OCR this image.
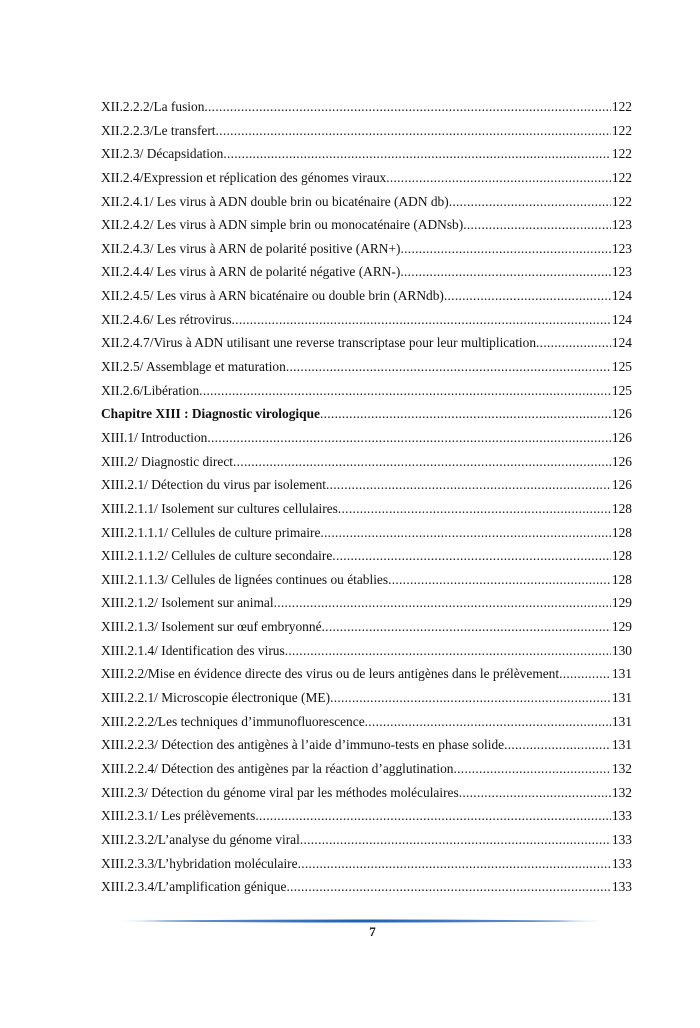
XII.2.2.2/La fusion .....	122
XII.2.2.3/Le transfert .....	122
XII.2.3/ Décapsidation .....	122
XII.2.4/Expression et réplication des génomes viraux .....	122
XII.2.4.1/ Les virus à ADN double brin ou bicaténaire (ADN db) .....	122
XII.2.4.2/ Les virus à ADN simple brin ou monocaténaire (ADNsb) .....	123
XII.2.4.3/ Les virus à ARN de polarité positive (ARN+) .....	123
XII.2.4.4/ Les virus à ARN de polarité négative (ARN-) .....	123
XII.2.4.5/ Les virus à ARN bicaténaire ou double brin (ARNdb) .....	124
XII.2.4.6/ Les rétrovirus .....	124
XII.2.4.7/Virus à ADN utilisant une reverse transcriptase pour leur multiplication .....	124
XII.2.5/ Assemblage et maturation .....	125
XII.2.6/Libération .....	125
Chapitre XIII : Diagnostic virologique .....	126
XIII.1/ Introduction .....	126
XIII.2/ Diagnostic direct .....	126
XIII.2.1/ Détection du virus par isolement .....	126
XIII.2.1.1/ Isolement sur cultures cellulaires .....	128
XIII.2.1.1.1/ Cellules de culture primaire .....	128
XIII.2.1.1.2/ Cellules de culture secondaire .....	128
XIII.2.1.1.3/ Cellules de lignées continues ou établies .....	128
XIII.2.1.2/ Isolement sur animal .....	129
XIII.2.1.3/ Isolement sur œuf embryonné .....	129
XIII.2.1.4/ Identification des virus .....	130
XIII.2.2/Mise en évidence directe des virus ou de leurs antigènes dans le prélèvement .....	131
XIII.2.2.1/ Microscopie électronique (ME) .....	131
XIII.2.2.2/Les techniques d’immunofluorescence .....	131
XIII.2.2.3/ Détection des antigènes à l’aide d’immuno-tests en phase solide .....	131
XIII.2.2.4/ Détection des antigènes par la réaction d’agglutination .....	132
XIII.2.3/ Détection du génome viral par les méthodes moléculaires .....	132
XIII.2.3.1/ Les prélèvements .....	133
XIII.2.3.2/L’analyse du génome viral .....	133
XIII.2.3.3/L’hybridation moléculaire .....	133
XIII.2.3.4/L’amplification génique .....	133
7
